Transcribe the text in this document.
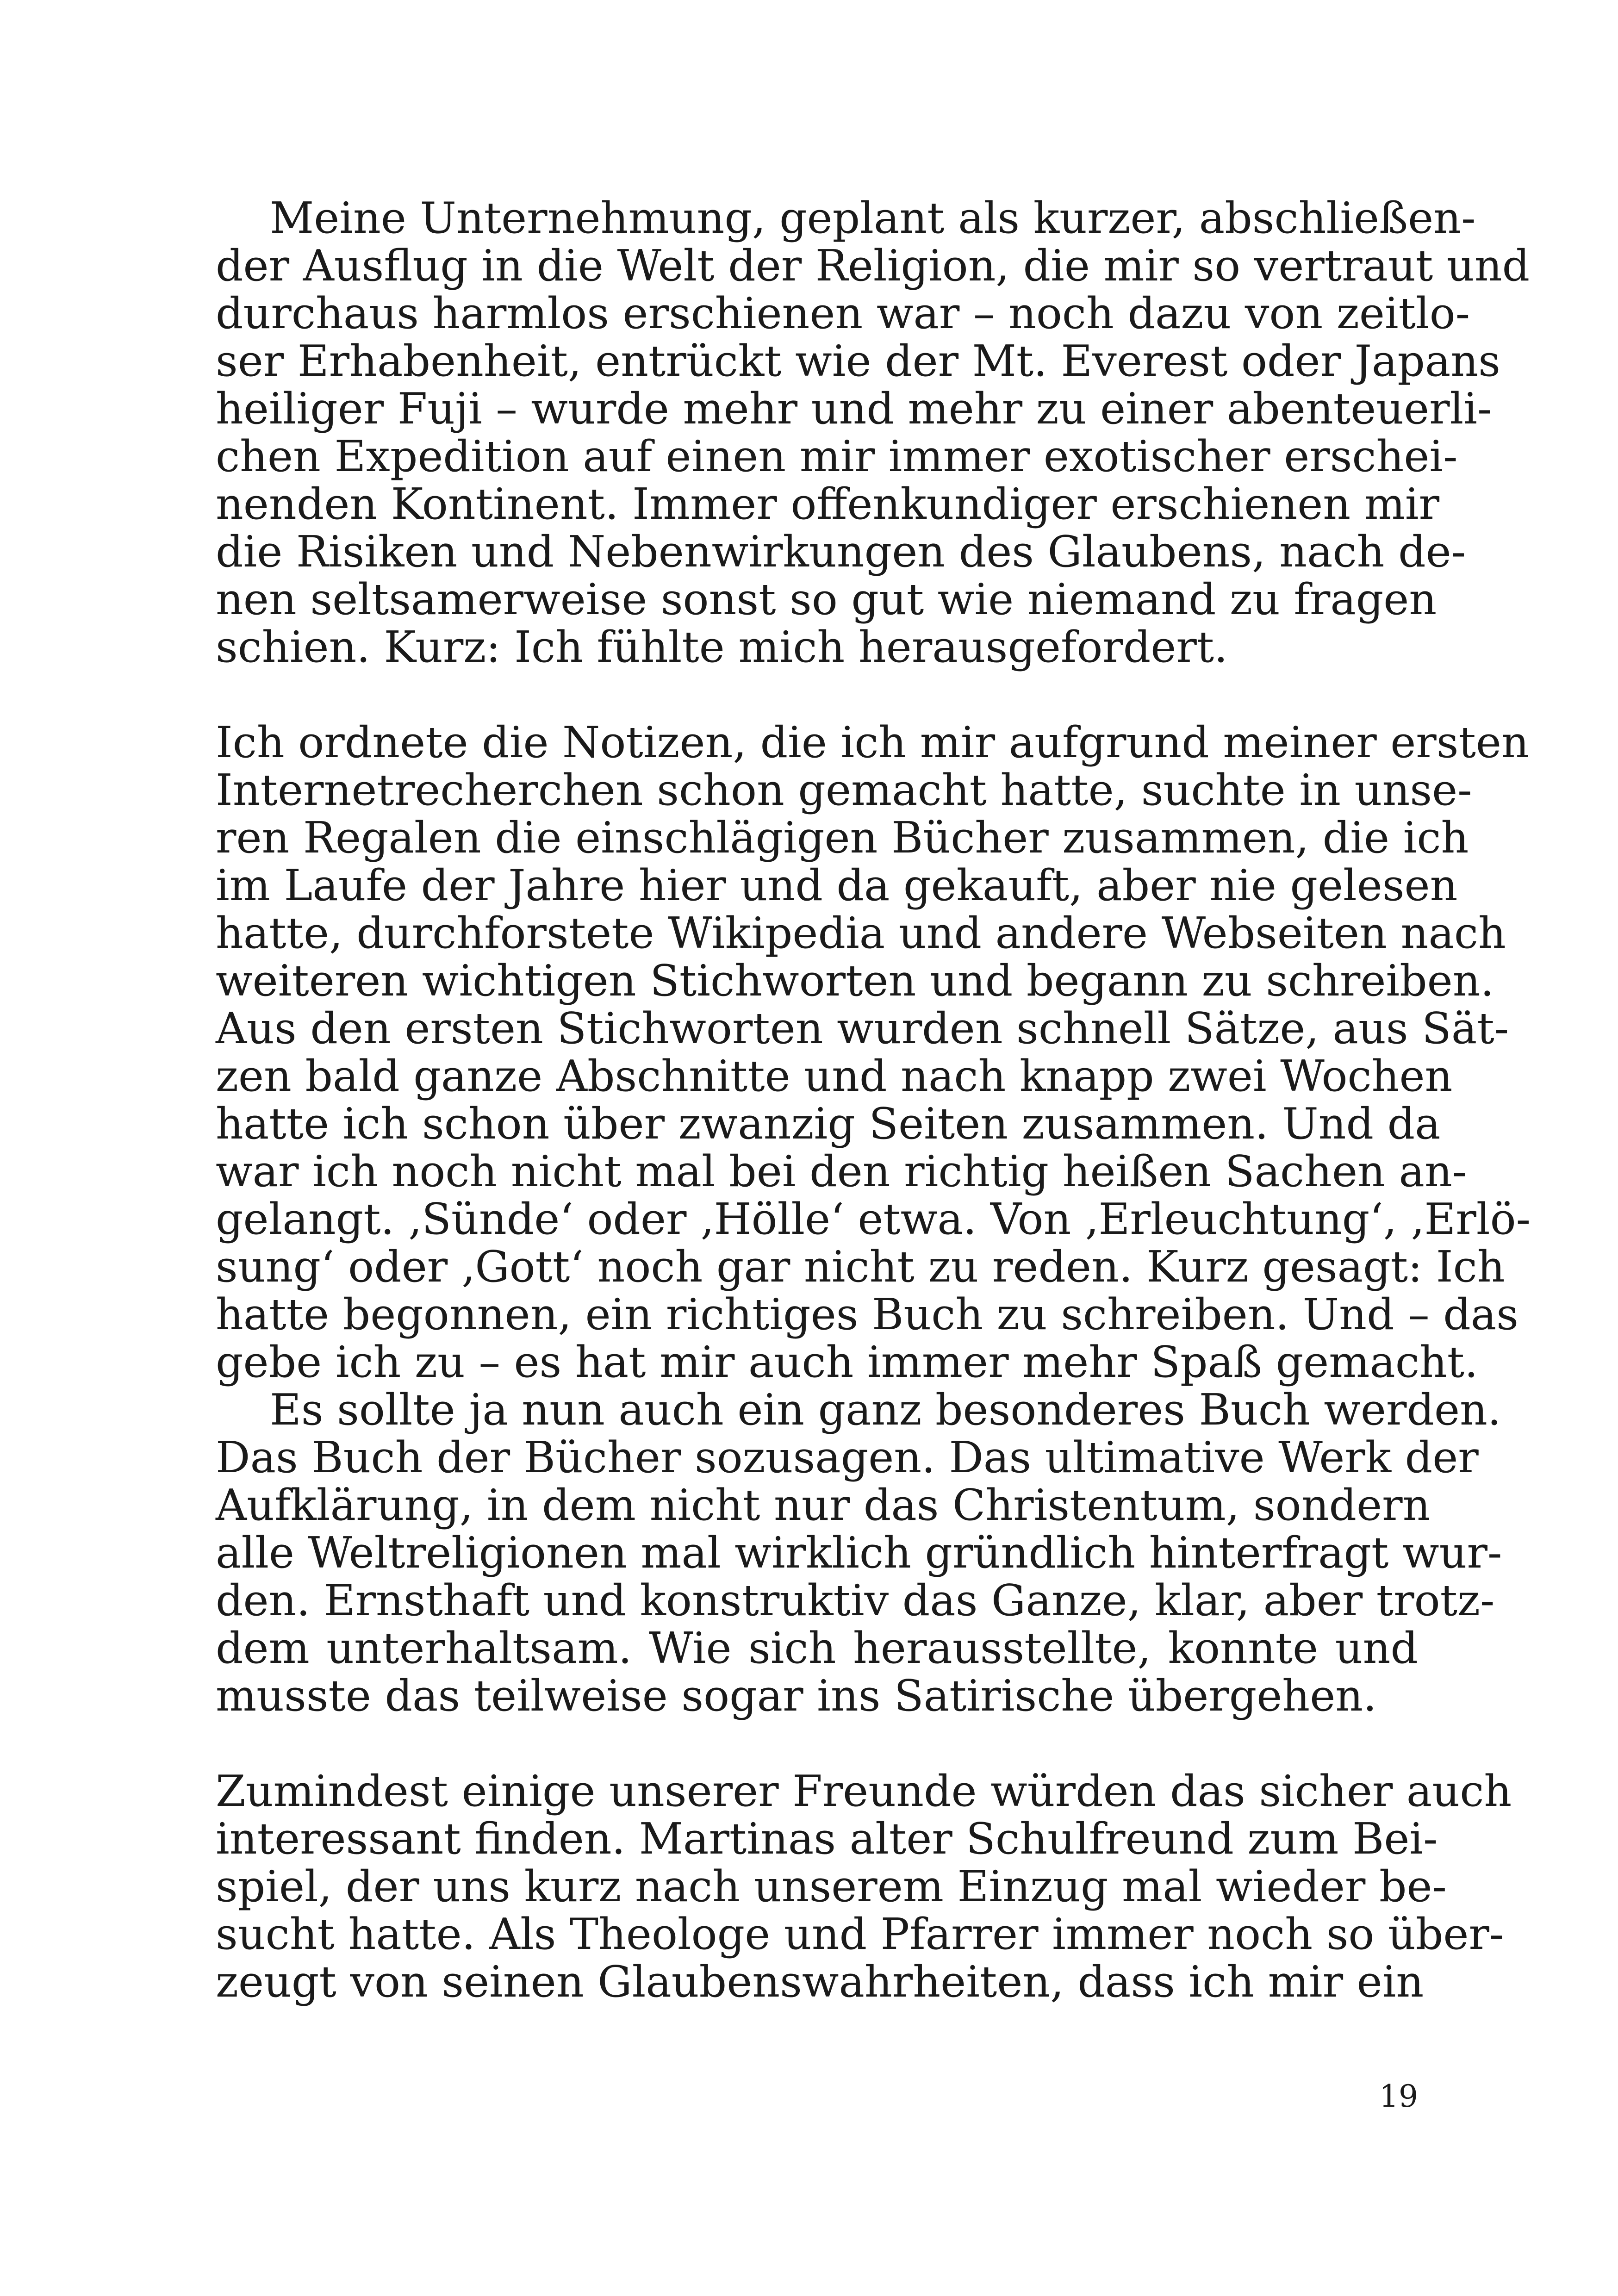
Meine Unternehmung, geplant als kurzer, abschließen-
der Ausflug in die Welt der Religion, die mir so vertraut und
durchaus harmlos erschienen war – noch dazu von zeitlo-
ser Erhabenheit, entrückt wie der Mt. Everest oder Japans
heiliger Fuji – wurde mehr und mehr zu einer abenteuerli-
chen Expedition auf einen mir immer exotischer erschei-
nenden Kontinent. Immer offenkundiger erschienen mir
die Risiken und Nebenwirkungen des Glaubens, nach de-
nen seltsamerweise sonst so gut wie niemand zu fragen
schien. Kurz: Ich fühlte mich herausgefordert.
Ich ordnete die Notizen, die ich mir aufgrund meiner ersten
Internetrecherchen schon gemacht hatte, suchte in unse-
ren Regalen die einschlägigen Bücher zusammen, die ich
im Laufe der Jahre hier und da gekauft, aber nie gelesen
hatte, durchforstete Wikipedia und andere Webseiten nach
weiteren wichtigen Stichworten und begann zu schreiben.
Aus den ersten Stichworten wurden schnell Sätze, aus Sät-
zen bald ganze Abschnitte und nach knapp zwei Wochen
hatte ich schon über zwanzig Seiten zusammen. Und da
war ich noch nicht mal bei den richtig heißen Sachen an-
gelangt. ‚Sünde‘ oder ‚Hölle‘ etwa. Von ‚Erleuchtung‘, ‚Erlö-
sung‘ oder ‚Gott‘ noch gar nicht zu reden. Kurz gesagt: Ich
hatte begonnen, ein richtiges Buch zu schreiben. Und – das
gebe ich zu – es hat mir auch immer mehr Spaß gemacht.
Es sollte ja nun auch ein ganz besonderes Buch werden.
Das Buch der Bücher sozusagen. Das ultimative Werk der
Aufklärung, in dem nicht nur das Christentum, sondern
alle Weltreligionen mal wirklich gründlich hinterfragt wur-
den. Ernsthaft und konstruktiv das Ganze, klar, aber trotz-
dem unterhaltsam. Wie sich herausstellte, konnte und
musste das teilweise sogar ins Satirische übergehen.
Zumindest einige unserer Freunde würden das sicher auch
interessant finden. Martinas alter Schulfreund zum Bei-
spiel, der uns kurz nach unserem Einzug mal wieder be-
sucht hatte. Als Theologe und Pfarrer immer noch so über-
zeugt von seinen Glaubenswahrheiten, dass ich mir ein
19
